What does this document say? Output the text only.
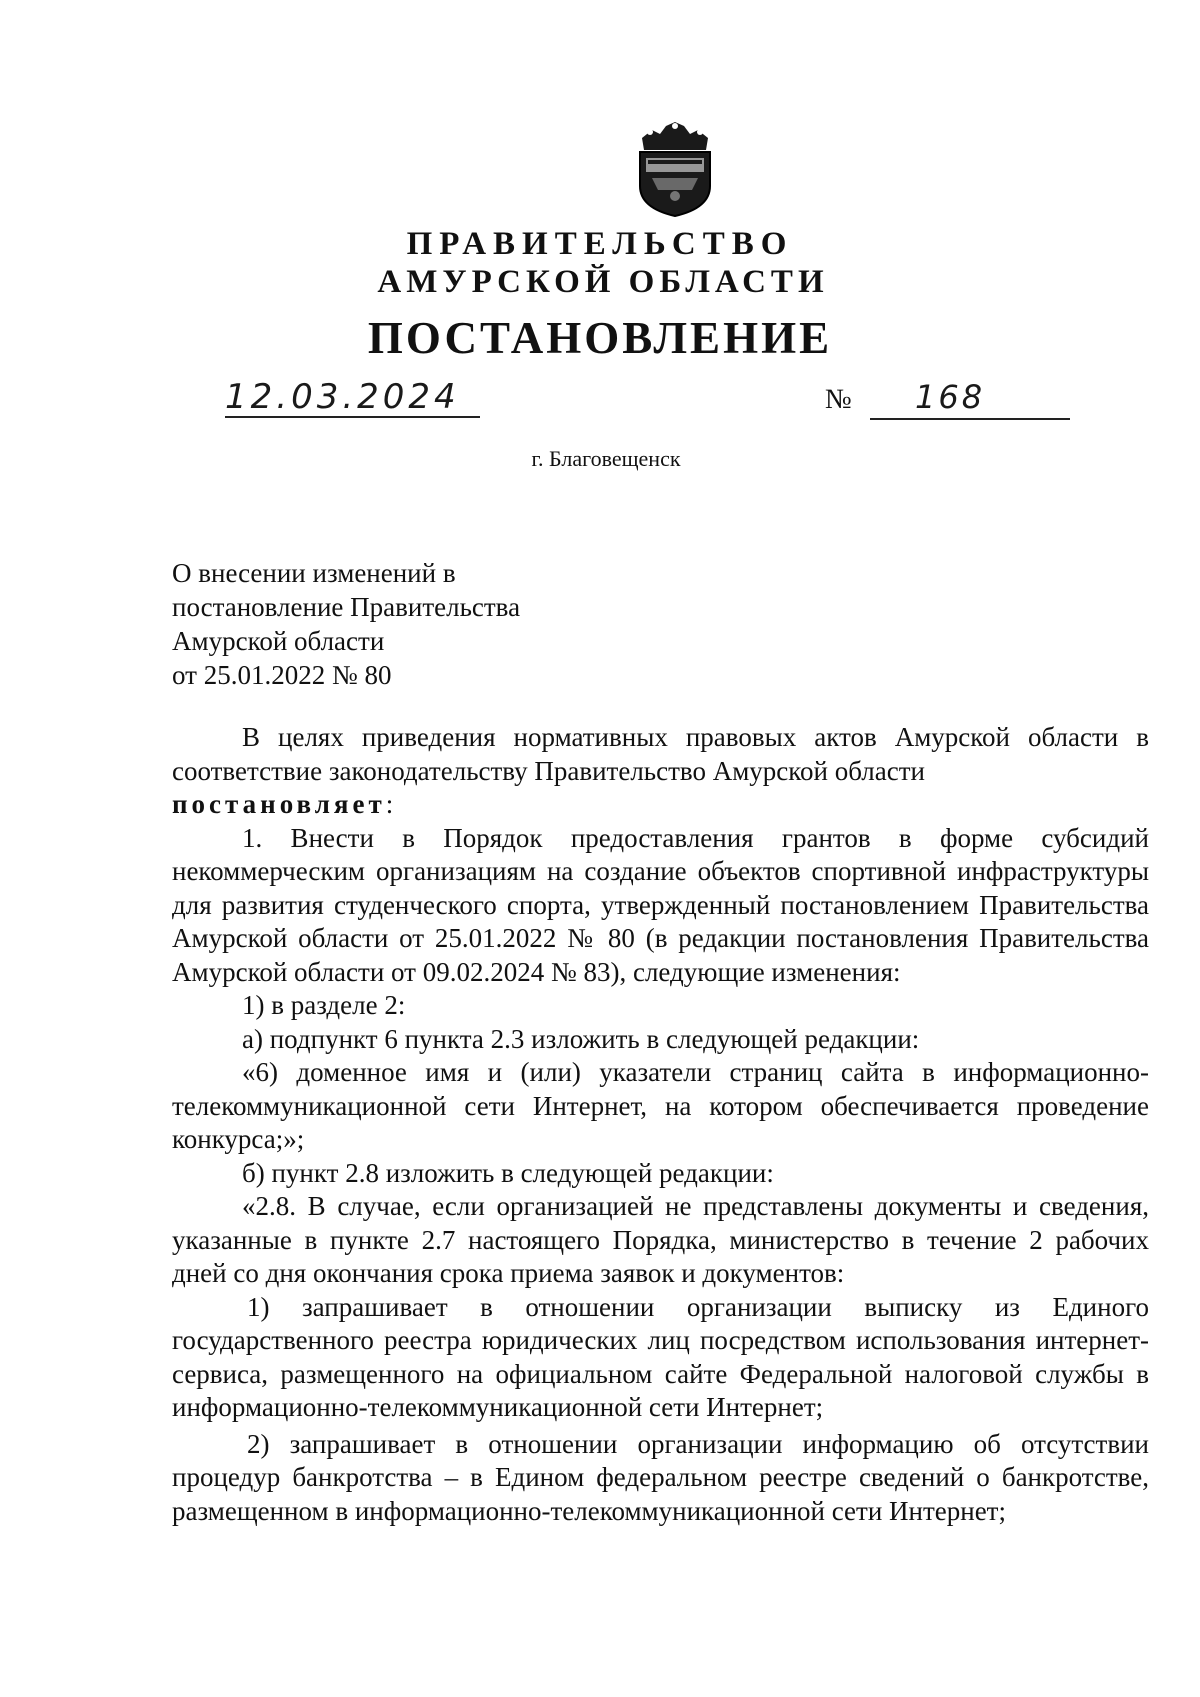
ПРАВИТЕЛЬСТВО
АМУРСКОЙ ОБЛАСТИ
ПОСТАНОВЛЕНИЕ
12.03.2024	№ 168
г. Благовещенск
О внесении изменений в
постановление Правительства
Амурской области
от 25.01.2022 № 80

В целях приведения нормативных правовых актов Амурской области в соответствие законодательству Правительство Амурской области

постановляет:

1. Внести в Порядок предоставления грантов в форме субсидий некоммерческим организациям на создание объектов спортивной инфраструктуры для развития студенческого спорта, утвержденный постановлением Правительства Амурской области от 25.01.2022 № 80 (в редакции постановления Правительства Амурской области от 09.02.2024 № 83), следующие изменения:

1) в разделе 2:

а) подпункт 6 пункта 2.3 изложить в следующей редакции:

«6) доменное имя и (или) указатели страниц сайта в информационно-телекоммуникационной сети Интернет, на котором обеспечивается проведение конкурса;»;

б) пункт 2.8 изложить в следующей редакции:

«2.8. В случае, если организацией не представлены документы и сведения, указанные в пункте 2.7 настоящего Порядка, министерство в течение 2 рабочих дней со дня окончания срока приема заявок и документов:

1) запрашивает в отношении организации выписку из Единого государственного реестра юридических лиц посредством использования интернет-сервиса, размещенного на официальном сайте Федеральной налоговой службы в информационно-телекоммуникационной сети Интернет;

2) запрашивает в отношении организации информацию об отсутствии процедур банкротства – в Едином федеральном реестре сведений о банкротстве, размещенном в информационно-телекоммуникационной сети Интернет;
